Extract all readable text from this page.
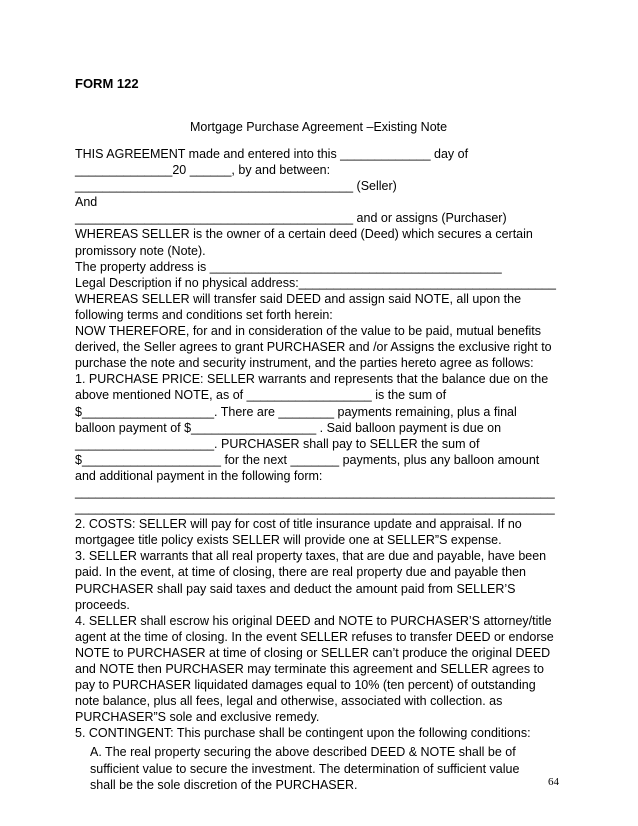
FORM 122
Mortgage Purchase Agreement –Existing Note
THIS AGREEMENT made and entered into this _____________ day of
______________20 ______, by and between:
________________________________________ (Seller)
And
________________________________________ and or assigns (Purchaser)
WHEREAS SELLER is the owner of a certain deed (Deed) which secures a certain
promissory note (Note).
The property address is __________________________________________
Legal Description if no physical address:_____________________________________
WHEREAS SELLER will transfer said DEED and assign said NOTE, all upon the
following terms and conditions set forth herein:
NOW THEREFORE, for and in consideration of the value to be paid, mutual benefits
derived, the Seller agrees to grant PURCHASER and /or Assigns the exclusive right to
purchase the note and security instrument, and the parties hereto agree as follows:
1. PURCHASE PRICE: SELLER warrants and represents that the balance due on the
above mentioned NOTE, as of __________________ is the sum of
$___________________. There are ________ payments remaining, plus a final
balloon payment of $__________________ . Said balloon payment is due on
____________________. PURCHASER shall pay to SELLER the sum of
$____________________ for the next _______ payments, plus any balloon amount
and additional payment in the following form:
_____________________________________________________________________
_____________________________________________________________________
2. COSTS: SELLER will pay for cost of title insurance update and appraisal. If no
mortgagee title policy exists SELLER will provide one at SELLER”S expense.
3. SELLER warrants that all real property taxes, that are due and payable, have been
paid. In the event, at time of closing, there are real property due and payable then
PURCHASER shall pay said taxes and deduct the amount paid from SELLER’S
proceeds.
4. SELLER shall escrow his original DEED and NOTE to PURCHASER’S attorney/title
agent at the time of closing. In the event SELLER refuses to transfer DEED or endorse
NOTE to PURCHASER at time of closing or SELLER can’t produce the original DEED
and NOTE then PURCHASER may terminate this agreement and SELLER agrees to
pay to PURCHASER liquidated damages equal to 10% (ten percent) of outstanding
note balance, plus all fees, legal and otherwise, associated with collection. as
PURCHASER”S sole and exclusive remedy.
5. CONTINGENT: This purchase shall be contingent upon the following conditions:
A. The real property securing the above described DEED & NOTE shall be of
sufficient value to secure the investment. The determination of sufficient value
shall be the sole discretion of the PURCHASER.	64
